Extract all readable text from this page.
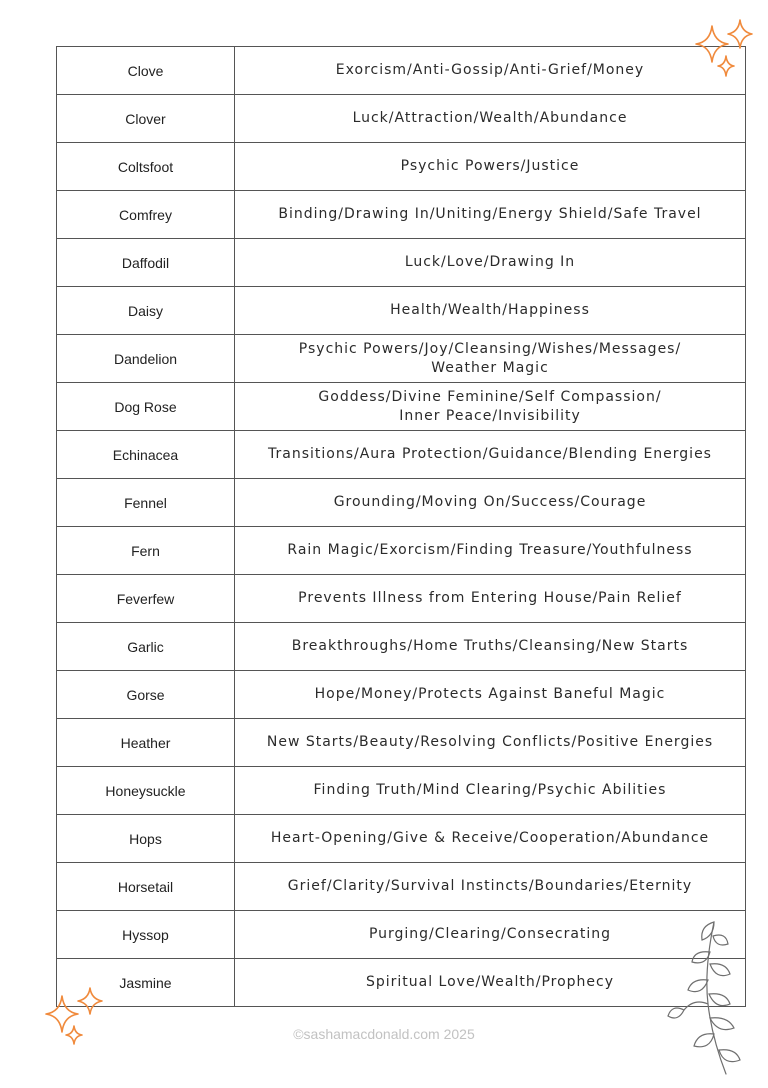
Clove	Exorcism/Anti-Gossip/Anti-Grief/Money
Clover	Luck/Attraction/Wealth/Abundance
Coltsfoot	Psychic Powers/Justice
Comfrey	Binding/Drawing In/Uniting/Energy Shield/Safe Travel
Daffodil	Luck/Love/Drawing In
Daisy	Health/Wealth/Happiness
Dandelion	Psychic Powers/Joy/Cleansing/Wishes/Messages/
Weather Magic
Dog Rose	Goddess/Divine Feminine/Self Compassion/
Inner Peace/Invisibility
Echinacea	Transitions/Aura Protection/Guidance/Blending Energies
Fennel	Grounding/Moving On/Success/Courage
Fern	Rain Magic/Exorcism/Finding Treasure/Youthfulness
Feverfew	Prevents Illness from Entering House/Pain Relief
Garlic	Breakthroughs/Home Truths/Cleansing/New Starts
Gorse	Hope/Money/Protects Against Baneful Magic
Heather	New Starts/Beauty/Resolving Conflicts/Positive Energies
Honeysuckle	Finding Truth/Mind Clearing/Psychic Abilities
Hops	Heart-Opening/Give & Receive/Cooperation/Abundance
Horsetail	Grief/Clarity/Survival Instincts/Boundaries/Eternity
Hyssop	Purging/Clearing/Consecrating
Jasmine	Spiritual Love/Wealth/Prophecy
©sashamacdonald.com 2025
